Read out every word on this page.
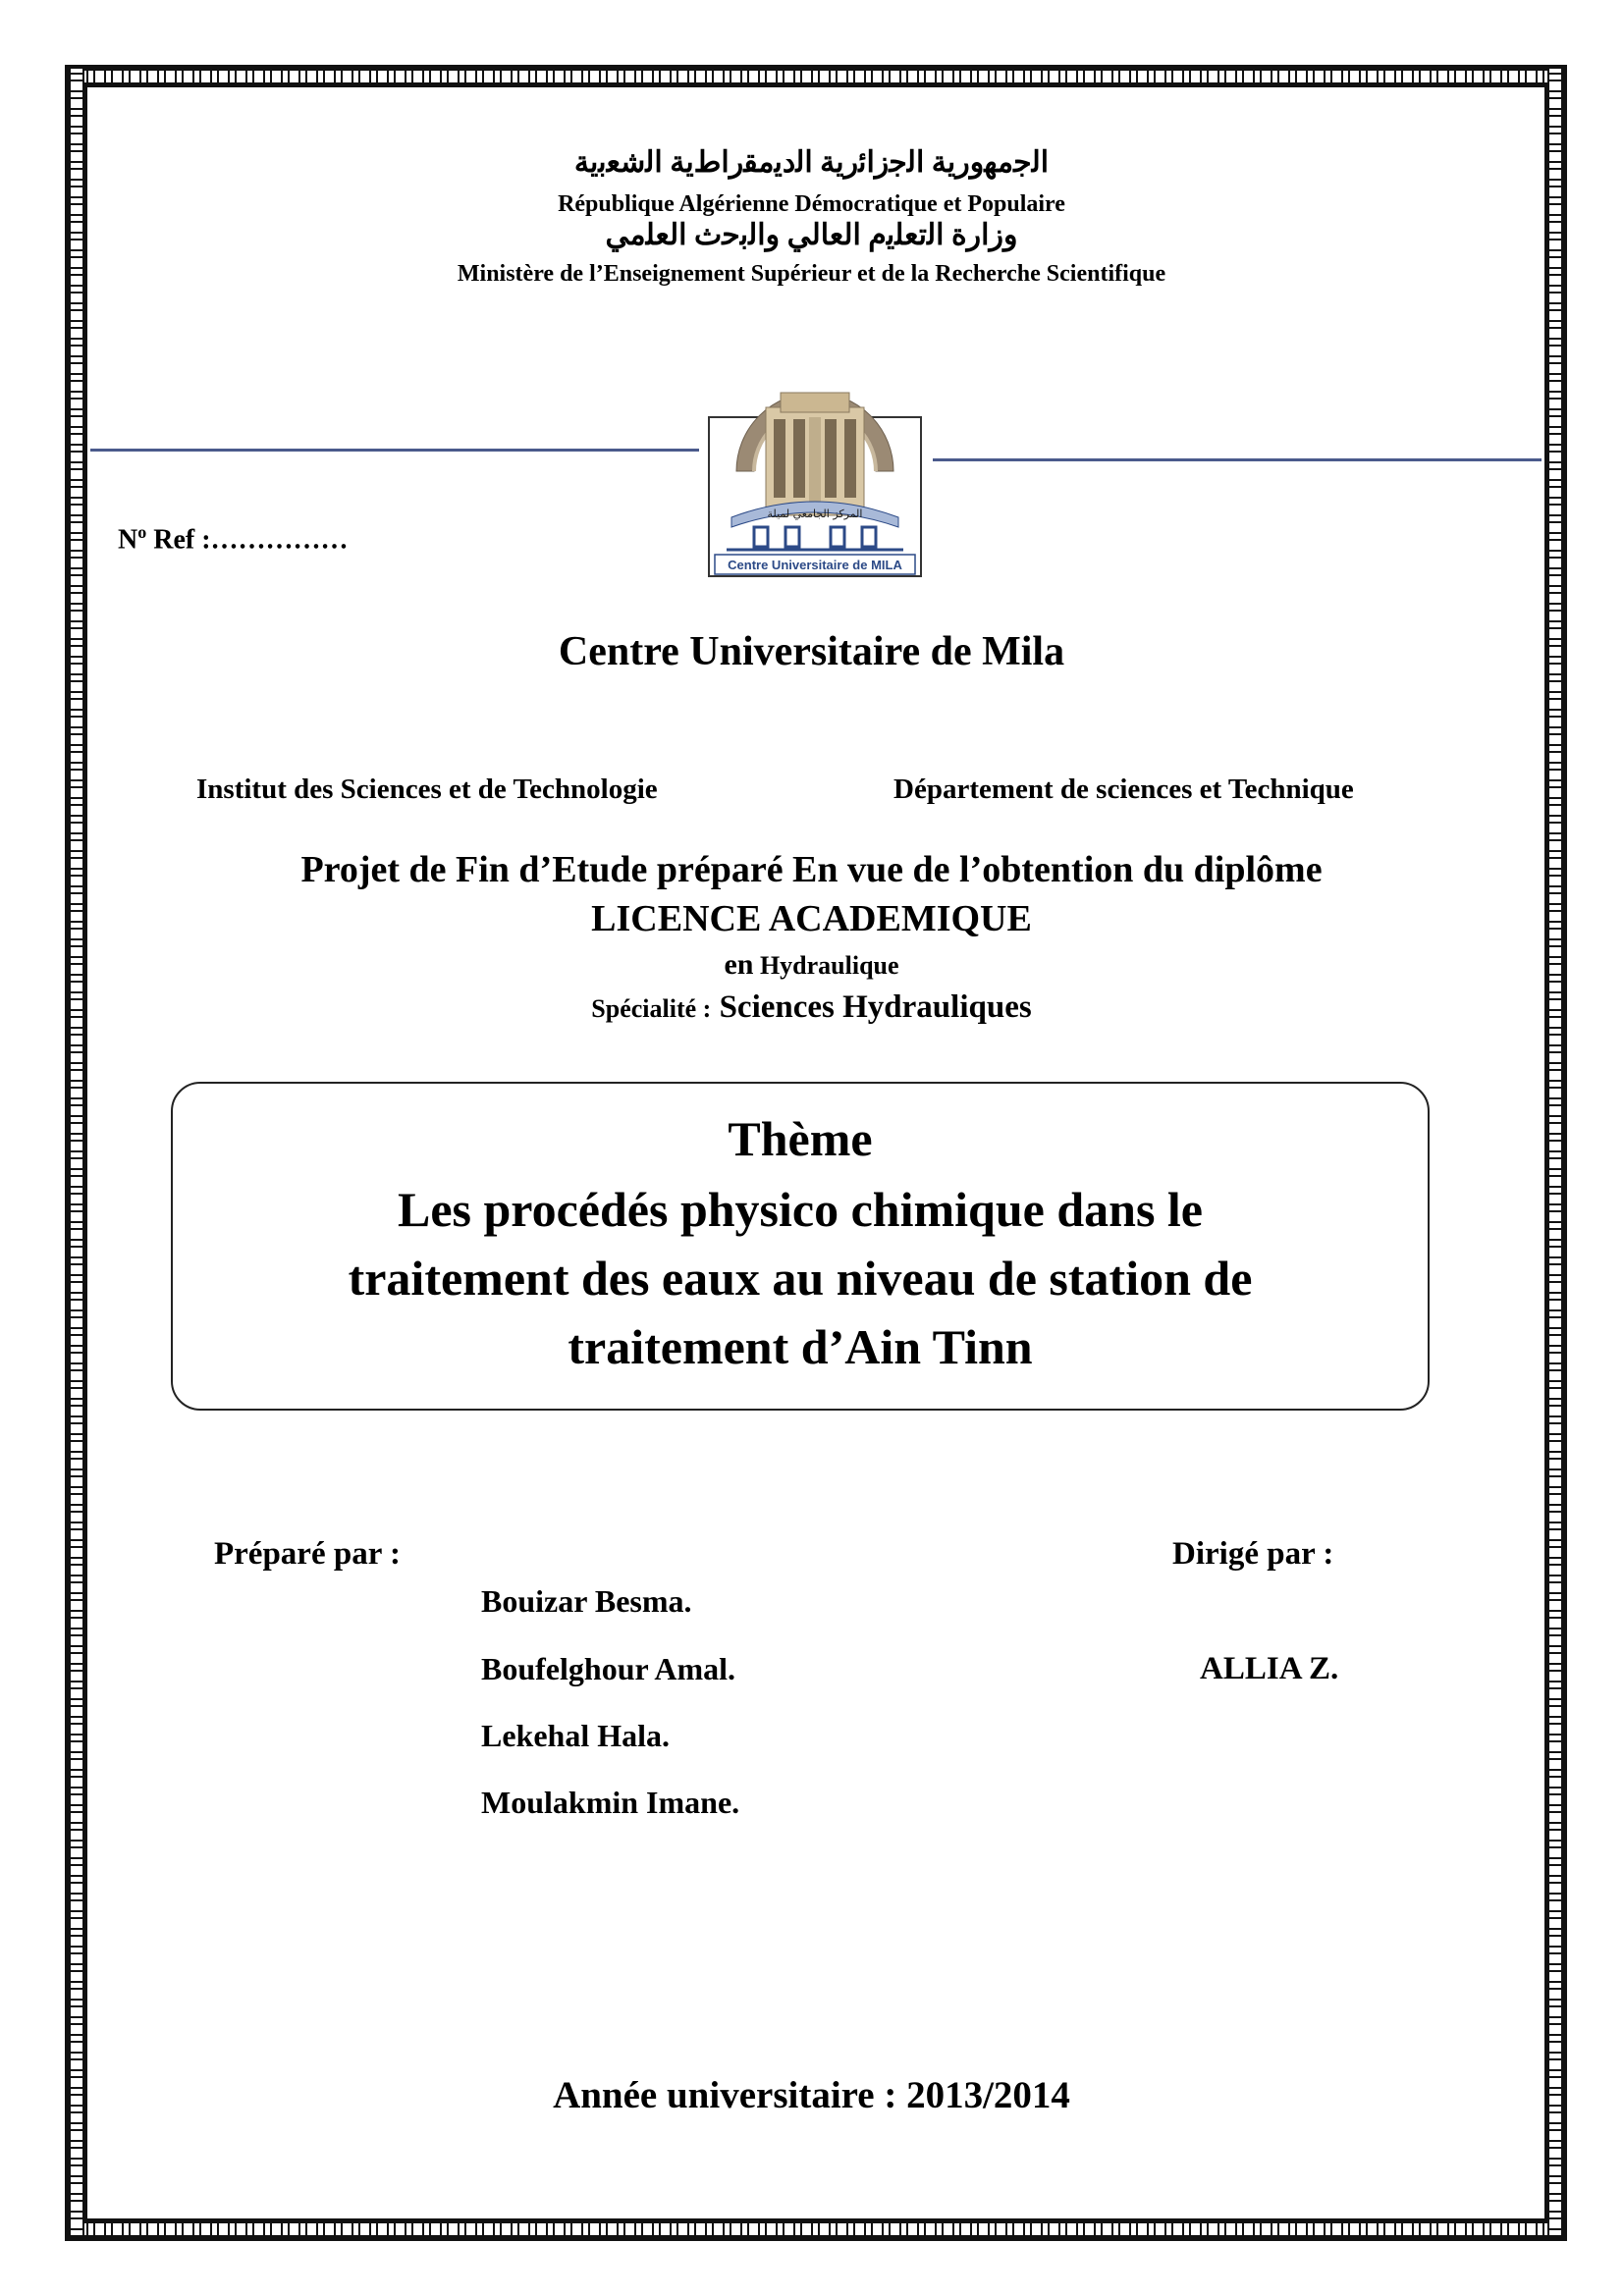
ﺍﻟﺟﻣﻬﻭﺭﻳﺔ ﺍﻟﺟﺯﺍﺋﺭﻳﺔ ﺍﻟﺩﻳﻣﻘﺭﺍﻁﻳﺔ ﺍﻟﺷﻌﺑﻳﺔ
République Algérienne Démocratique et Populaire
ﻭﺯﺍﺭﺓ ﺍﻟﺗﻌﻠﻳﻡ ﺍﻟﻌﺎﻟﻲ ﻭﺍﻟﺑﺣﺙ ﺍﻟﻌﻠﻣﻲ
Ministère de l’Enseignement Supérieur et de la Recherche Scientifique
المركز الجامعي لميلة
Centre Universitaire de MILA
$N^o$ Ref :……………
Centre Universitaire de Mila
Institut des Sciences et de Technologie	Département de sciences et Technique
Projet de Fin d’Etude préparé En vue de l’obtention du diplôme
LICENCE ACADEMIQUE
en Hydraulique
Spécialité : Sciences Hydrauliques
Thème
Les procédés physico chimique dans le
traitement des eaux au niveau de station de
traitement d’Ain Tinn
Préparé par :
Bouizar Besma.
Boufelghour Amal.
Lekehal Hala.
Moulakmin Imane.
Dirigé par :
ALLIA Z.
Année universitaire : 2013/2014
